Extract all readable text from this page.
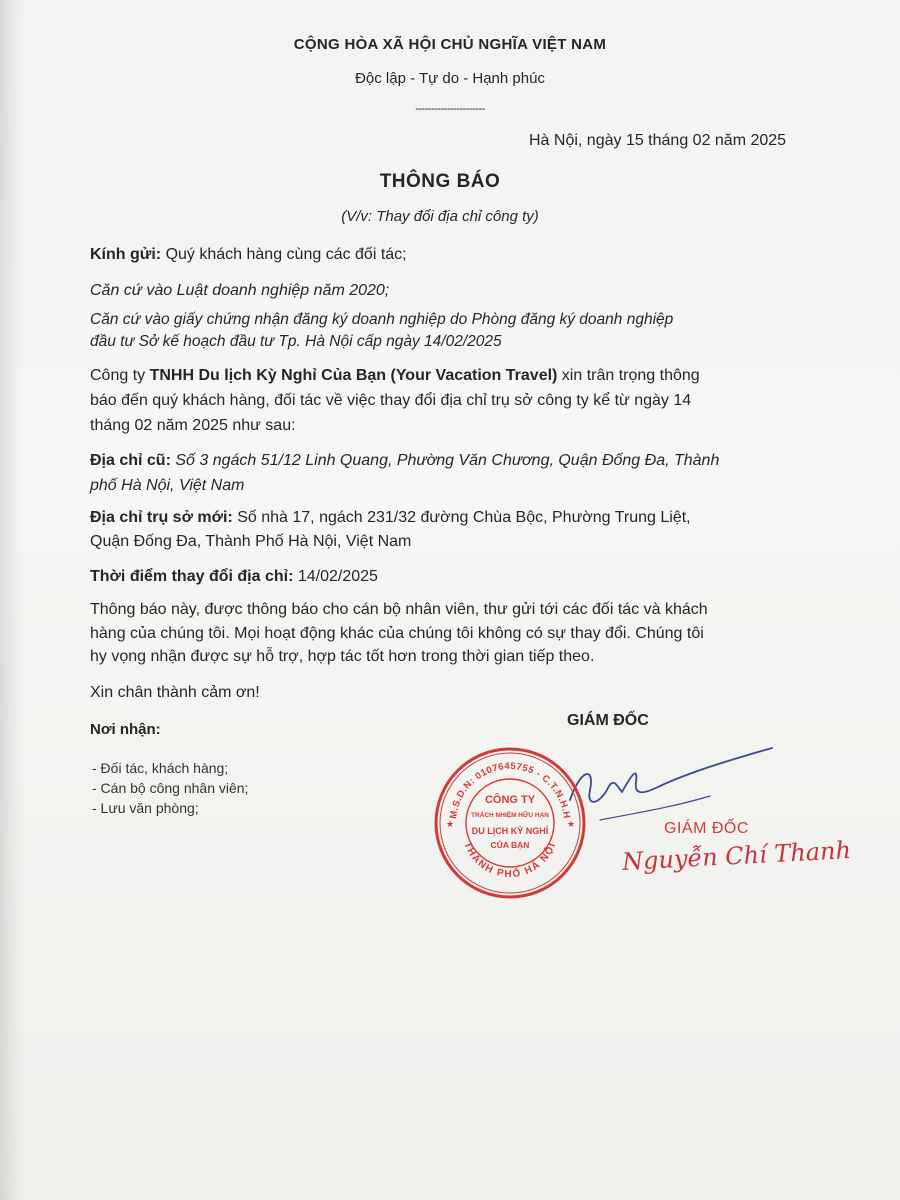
CỘNG HÒA XÃ HỘI CHỦ NGHĨA VIỆT NAM
Độc lập - Tự do - Hạnh phúc
----------------------
Hà Nội, ngày 15 tháng 02 năm 2025
THÔNG BÁO
(V/v: Thay đổi địa chỉ công ty)
Kính gửi: Quý khách hàng cùng các đối tác;
Căn cứ vào Luật doanh nghiệp năm 2020;
Căn cứ vào giấy chứng nhận đăng ký doanh nghiệp do Phòng đăng ký doanh nghiệp
đầu tư Sở kế hoạch đầu tư Tp. Hà Nội cấp ngày 14/02/2025
Công ty TNHH Du lịch Kỳ Nghỉ Của Bạn (Your Vacation Travel) xin trân trọng thông
báo đến quý khách hàng, đối tác về việc thay đổi địa chỉ trụ sở công ty kể từ ngày 14
tháng 02 năm 2025 như sau:
Địa chỉ cũ: Số 3 ngách 51/12 Linh Quang, Phường Văn Chương, Quận Đống Đa, Thành
phố Hà Nội, Việt Nam
Địa chỉ trụ sở mới: Số nhà 17, ngách 231/32 đường Chùa Bộc, Phường Trung Liệt,
Quận Đống Đa, Thành Phố Hà Nội, Việt Nam
Thời điểm thay đổi địa chỉ: 14/02/2025
Thông báo này, được thông báo cho cán bộ nhân viên, thư gửi tới các đối tác và khách
hàng của chúng tôi. Mọi hoạt động khác của chúng tôi không có sự thay đổi. Chúng tôi
hy vọng nhận được sự hỗ trợ, hợp tác tốt hơn trong thời gian tiếp theo.
Xin chân thành cảm ơn!
Nơi nhận:
- Đối tác, khách hàng;
- Cán bộ công nhân viên;
- Lưu văn phòng;
GIÁM ĐỐC
M.S.D.N: 0107645755 - C.T.N.H.H
THÀNH PHỐ HÀ NỘI
★	★
CÔNG TY
TRÁCH NHIỆM HỮU HẠN
DU LỊCH KỲ NGHỈ
CỦA BẠN
GIÁM ĐỐC
Nguyễn Chí Thanh
